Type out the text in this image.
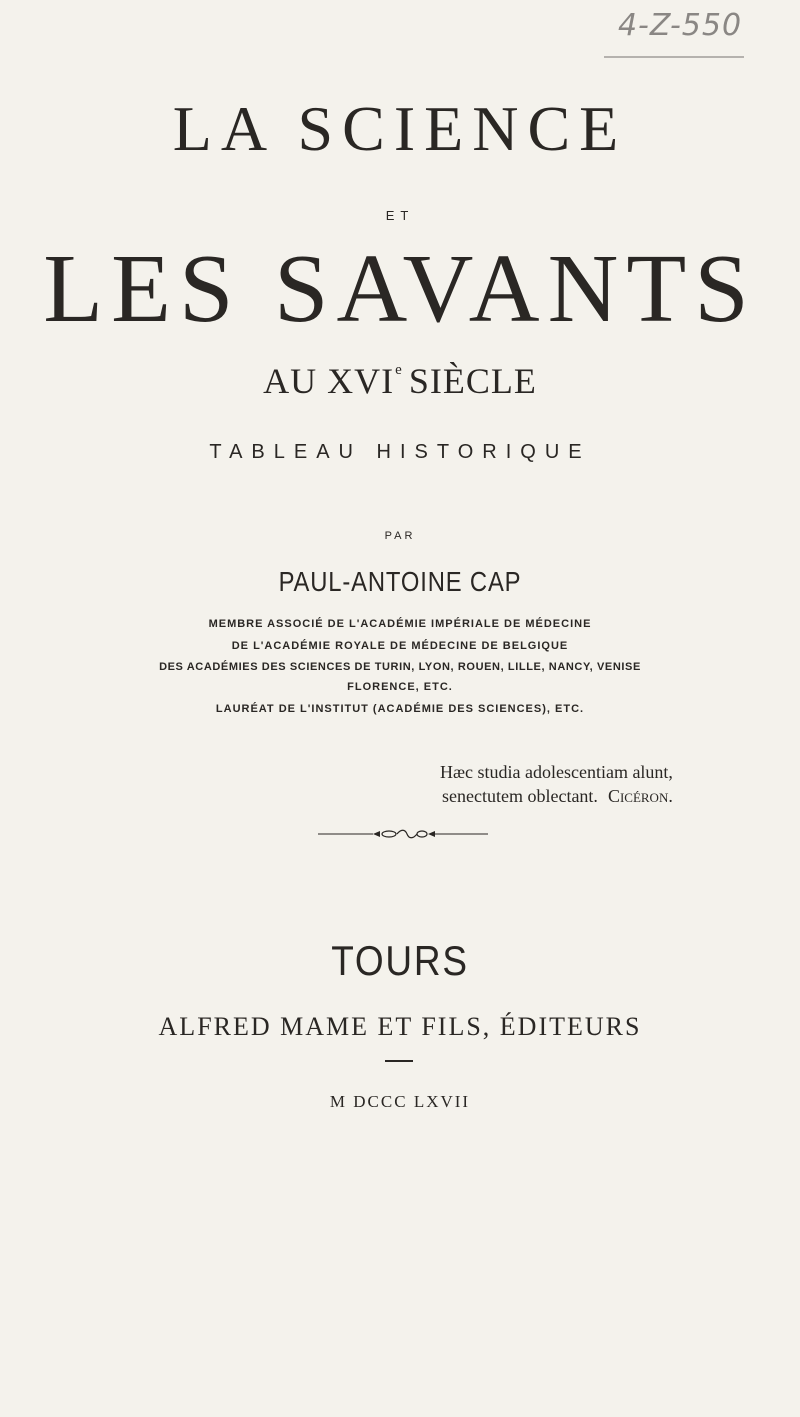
4-Z-550
LA SCIENCE
ET
LES SAVANTS
AU XVIe SIÈCLE
TABLEAU HISTORIQUE
PAR
PAUL-ANTOINE CAP
MEMBRE ASSOCIÉ DE L'ACADÉMIE IMPÉRIALE DE MÉDECINE
DE L'ACADÉMIE ROYALE DE MÉDECINE DE BELGIQUE
DES ACADÉMIES DES SCIENCES DE TURIN, LYON, ROUEN, LILLE, NANCY, VENISE
FLORENCE, ETC.
LAURÉAT DE L'INSTITUT (ACADÉMIE DES SCIENCES), ETC.
Hæc studia adolescentiam alunt,
senectutem oblectant. Cicéron.
TOURS
ALFRED MAME ET FILS, ÉDITEURS
M DCCC LXVII
